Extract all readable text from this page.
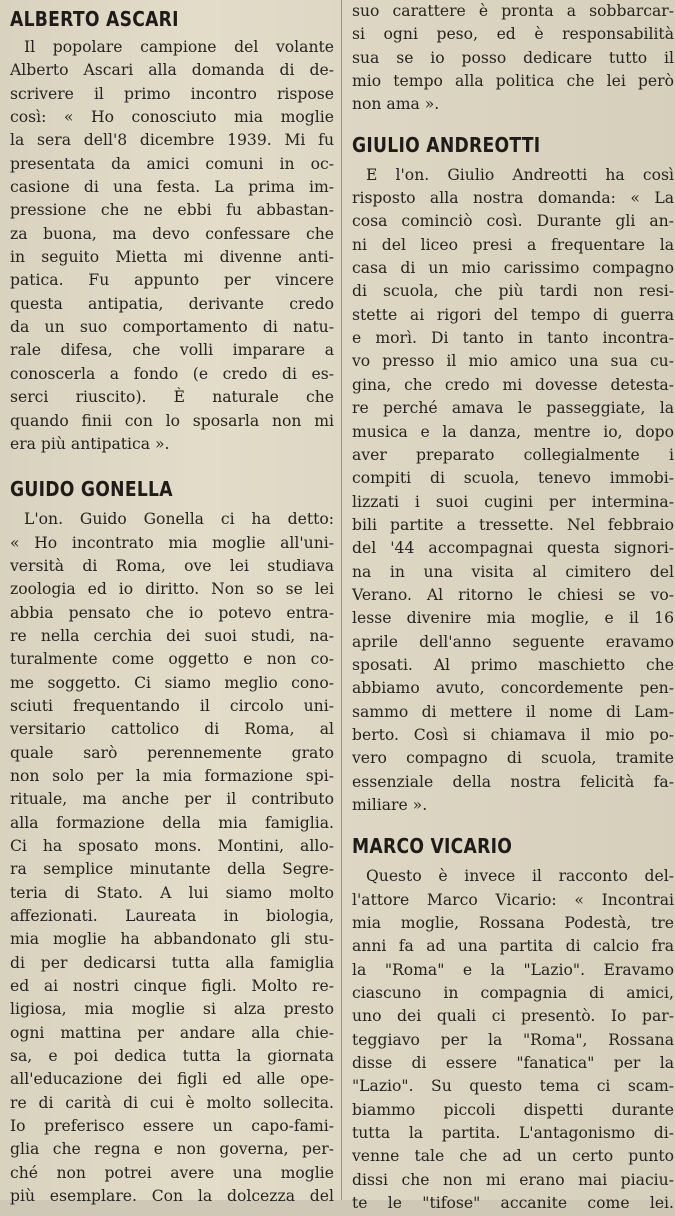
ALBERTO ASCARI
Il popolare campione del volante
Alberto Ascari alla domanda di de-
scrivere il primo incontro rispose
così: « Ho conosciuto mia moglie
la sera dell'8 dicembre 1939. Mi fu
presentata da amici comuni in oc-
casione di una festa. La prima im-
pressione che ne ebbi fu abbastan-
za buona, ma devo confessare che
in seguito Mietta mi divenne anti-
patica. Fu appunto per vincere
questa antipatia, derivante credo
da un suo comportamento di natu-
rale difesa, che volli imparare a
conoscerla a fondo (e credo di es-
serci riuscito). È naturale che
quando finii con lo sposarla non mi
era più antipatica ».
GUIDO GONELLA
L'on. Guido Gonella ci ha detto:
« Ho incontrato mia moglie all'uni-
versità di Roma, ove lei studiava
zoologia ed io diritto. Non so se lei
abbia pensato che io potevo entra-
re nella cerchia dei suoi studi, na-
turalmente come oggetto e non co-
me soggetto. Ci siamo meglio cono-
sciuti frequentando il circolo uni-
versitario cattolico di Roma, al
quale sarò perennemente grato
non solo per la mia formazione spi-
rituale, ma anche per il contributo
alla formazione della mia famiglia.
Ci ha sposato mons. Montini, allo-
ra semplice minutante della Segre-
teria di Stato. A lui siamo molto
affezionati. Laureata in biologia,
mia moglie ha abbandonato gli stu-
di per dedicarsi tutta alla famiglia
ed ai nostri cinque figli. Molto re-
ligiosa, mia moglie si alza presto
ogni mattina per andare alla chie-
sa, e poi dedica tutta la giornata
all'educazione dei figli ed alle ope-
re di carità di cui è molto sollecita.
Io preferisco essere un capo-fami-
glia che regna e non governa, per-
ché non potrei avere una moglie
più esemplare. Con la dolcezza del
suo carattere è pronta a sobbarcar-
si ogni peso, ed è responsabilità
sua se io posso dedicare tutto il
mio tempo alla politica che lei però
non ama ».
GIULIO ANDREOTTI
E l'on. Giulio Andreotti ha così
risposto alla nostra domanda: « La
cosa cominciò così. Durante gli an-
ni del liceo presi a frequentare la
casa di un mio carissimo compagno
di scuola, che più tardi non resi-
stette ai rigori del tempo di guerra
e morì. Di tanto in tanto incontra-
vo presso il mio amico una sua cu-
gina, che credo mi dovesse detesta-
re perché amava le passeggiate, la
musica e la danza, mentre io, dopo
aver preparato collegialmente i
compiti di scuola, tenevo immobi-
lizzati i suoi cugini per intermina-
bili partite a tressette. Nel febbraio
del '44 accompagnai questa signori-
na in una visita al cimitero del
Verano. Al ritorno le chiesi se vo-
lesse divenire mia moglie, e il 16
aprile dell'anno seguente eravamo
sposati. Al primo maschietto che
abbiamo avuto, concordemente pen-
sammo di mettere il nome di Lam-
berto. Così si chiamava il mio po-
vero compagno di scuola, tramite
essenziale della nostra felicità fa-
miliare ».
MARCO VICARIO
Questo è invece il racconto del-
l'attore Marco Vicario: « Incontrai
mia moglie, Rossana Podestà, tre
anni fa ad una partita di calcio fra
la "Roma" e la "Lazio". Eravamo
ciascuno in compagnia di amici,
uno dei quali ci presentò. Io par-
teggiavo per la "Roma", Rossana
disse di essere "fanatica" per la
"Lazio". Su questo tema ci scam-
biammo piccoli dispetti durante
tutta la partita. L'antagonismo di-
venne tale che ad un certo punto
dissi che non mi erano mai piaciu-
te le "tifose" accanite come lei.
